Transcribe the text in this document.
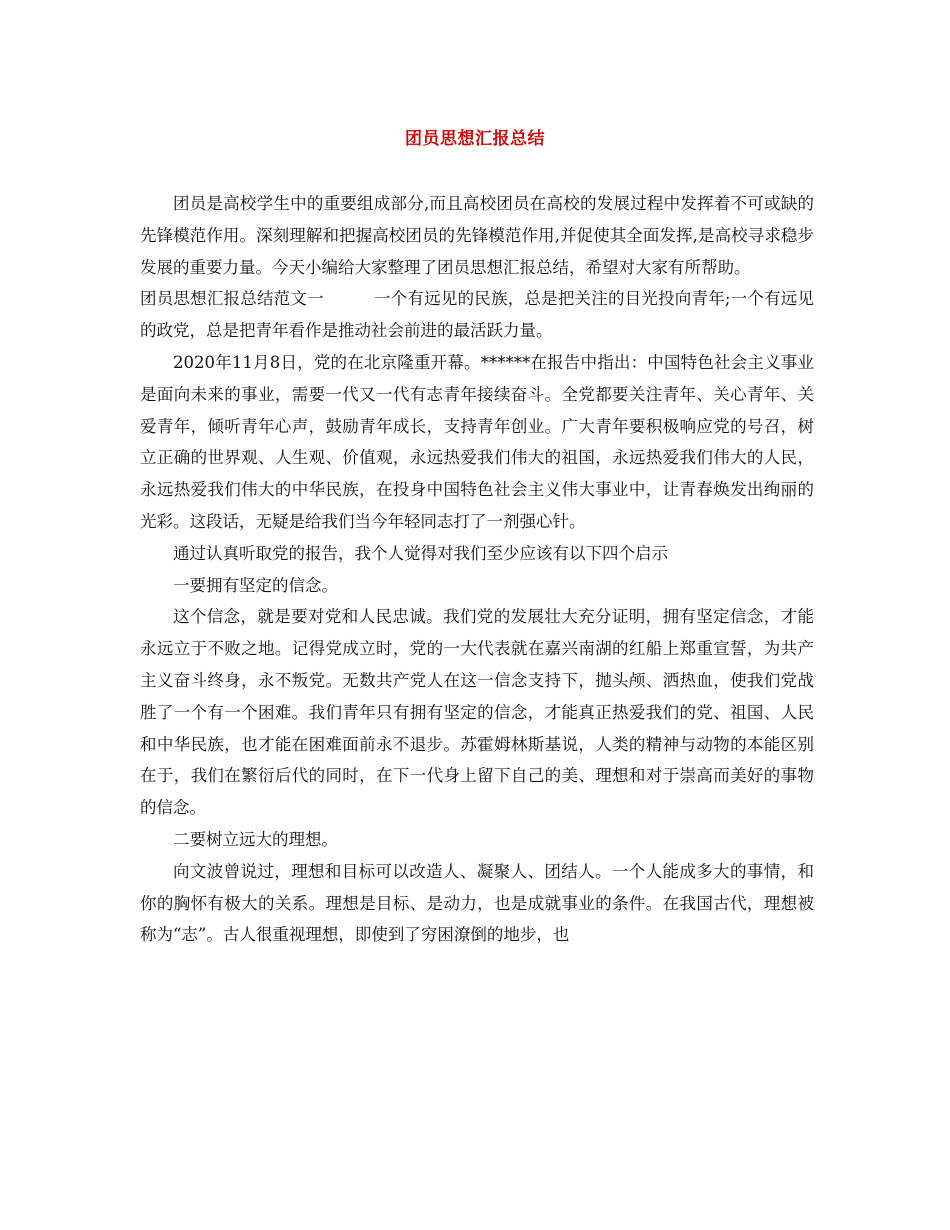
团员思想汇报总结

团员是高校学生中的重要组成部分,而且高校团员在高校的发展过程中发挥着不可或缺的先锋模范作用。深刻理解和把握高校团员的先锋模范作用,并促使其全面发挥,是高校寻求稳步发展的重要力量。今天小编给大家整理了团员思想汇报总结，希望对大家有所帮助。

团员思想汇报总结范文一	一个有远见的民族，总是把关注的目光投向青年;一个有远见的政党，总是把青年看作是推动社会前进的最活跃力量。

2020年11月8日，党的在北京隆重开幕。******在报告中指出：中国特色社会主义事业是面向未来的事业，需要一代又一代有志青年接续奋斗。全党都要关注青年、关心青年、关爱青年，倾听青年心声，鼓励青年成长，支持青年创业。广大青年要积极响应党的号召，树立正确的世界观、人生观、价值观，永远热爱我们伟大的祖国，永远热爱我们伟大的人民，永远热爱我们伟大的中华民族，在投身中国特色社会主义伟大事业中，让青春焕发出绚丽的光彩。这段话，无疑是给我们当今年轻同志打了一剂强心针。

通过认真听取党的报告，我个人觉得对我们至少应该有以下四个启示

一要拥有坚定的信念。

这个信念，就是要对党和人民忠诚。我们党的发展壮大充分证明，拥有坚定信念，才能永远立于不败之地。记得党成立时，党的一大代表就在嘉兴南湖的红船上郑重宣誓，为共产主义奋斗终身，永不叛党。无数共产党人在这一信念支持下，抛头颅、洒热血，使我们党战胜了一个有一个困难。我们青年只有拥有坚定的信念，才能真正热爱我们的党、祖国、人民和中华民族，也才能在困难面前永不退步。苏霍姆林斯基说，人类的精神与动物的本能区别在于，我们在繁衍后代的同时，在下一代身上留下自己的美、理想和对于崇高而美好的事物的信念。

二要树立远大的理想。

向文波曾说过，理想和目标可以改造人、凝聚人、团结人。一个人能成多大的事情，和你的胸怀有极大的关系。理想是目标、是动力，也是成就事业的条件。在我国古代，理想被称为“志”。古人很重视理想，即使到了穷困潦倒的地步，也
